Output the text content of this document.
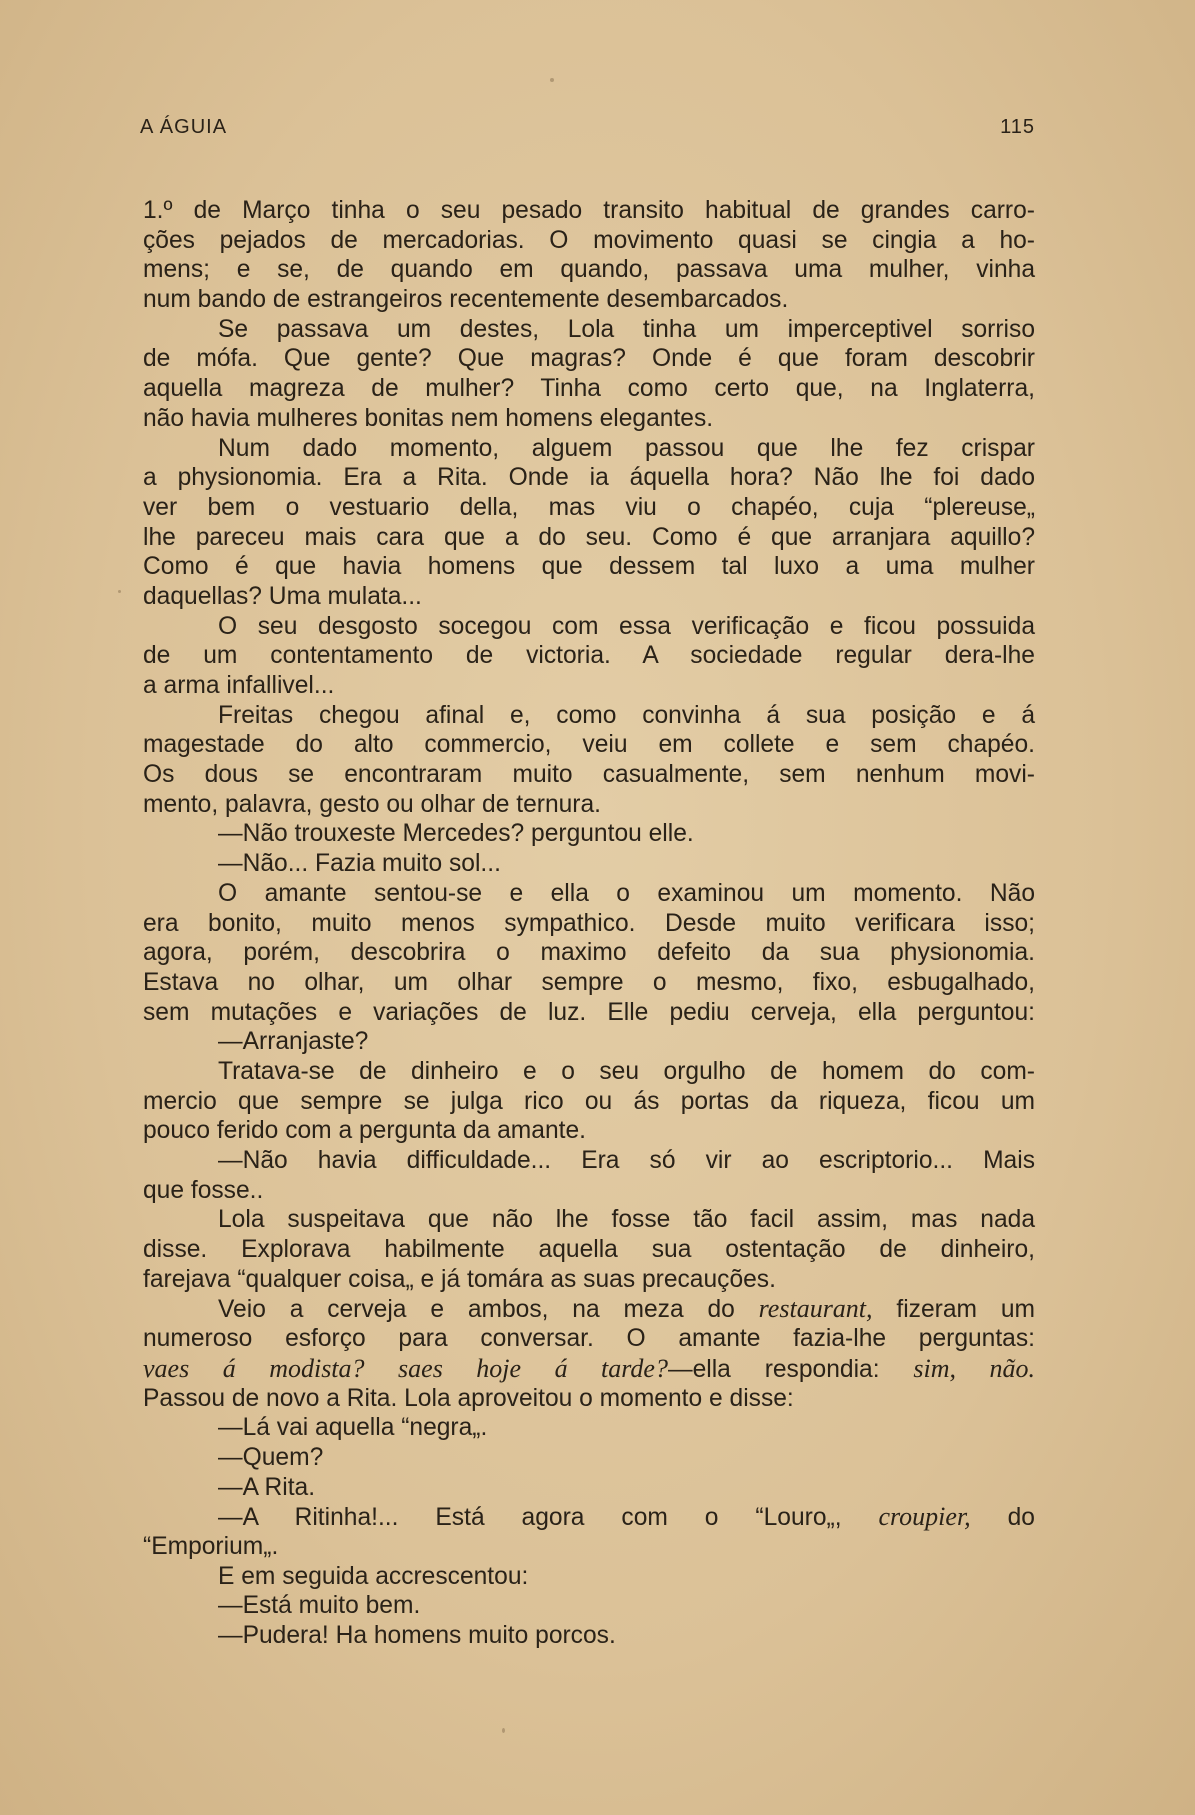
A ÁGUIA	115
1.º de Março tinha o seu pesado transito habitual de grandes carro-
ções pejados de mercadorias. O movimento quasi se cingia a ho-
mens; e se, de quando em quando, passava uma mulher, vinha
num bando de estrangeiros recentemente desembarcados.
Se passava um destes, Lola tinha um imperceptivel sorriso
de mófa. Que gente? Que magras? Onde é que foram descobrir
aquella magreza de mulher? Tinha como certo que, na Inglaterra,
não havia mulheres bonitas nem homens elegantes.
Num dado momento, alguem passou que lhe fez crispar
a physionomia. Era a Rita. Onde ia áquella hora? Não lhe foi dado
ver bem o vestuario della, mas viu o chapéo, cuja “plereuse„
lhe pareceu mais cara que a do seu. Como é que arranjara aquillo?
Como é que havia homens que dessem tal luxo a uma mulher
daquellas? Uma mulata...
O seu desgosto socegou com essa verificação e ficou possuida
de um contentamento de victoria. A sociedade regular dera-lhe
a arma infallivel...
Freitas chegou afinal e, como convinha á sua posição e á
magestade do alto commercio, veiu em collete e sem chapéo.
Os dous se encontraram muito casualmente, sem nenhum movi-
mento, palavra, gesto ou olhar de ternura.
—Não trouxeste Mercedes? perguntou elle.
—Não... Fazia muito sol...
O amante sentou-se e ella o examinou um momento. Não
era bonito, muito menos sympathico. Desde muito verificara isso;
agora, porém, descobrira o maximo defeito da sua physionomia.
Estava no olhar, um olhar sempre o mesmo, fixo, esbugalhado,
sem mutações e variações de luz. Elle pediu cerveja, ella perguntou:
—Arranjaste?
Tratava-se de dinheiro e o seu orgulho de homem do com-
mercio que sempre se julga rico ou ás portas da riqueza, ficou um
pouco ferido com a pergunta da amante.
—Não havia difficuldade... Era só vir ao escriptorio... Mais
que fosse..
Lola suspeitava que não lhe fosse tão facil assim, mas nada
disse. Explorava habilmente aquella sua ostentação de dinheiro,
farejava “qualquer coisa„ e já tomára as suas precauções.
Veio a cerveja e ambos, na meza do restaurant, fizeram um
numeroso esforço para conversar. O amante fazia-lhe perguntas:
vaes á modista? saes hoje á tarde?—ella respondia: sim, não.
Passou de novo a Rita. Lola aproveitou o momento e disse:
—Lá vai aquella “negra„.
—Quem?
—A Rita.
—A Ritinha!... Está agora com o “Louro„, croupier, do
“Emporium„.
E em seguida accrescentou:
—Está muito bem.
—Pudera! Ha homens muito porcos.
